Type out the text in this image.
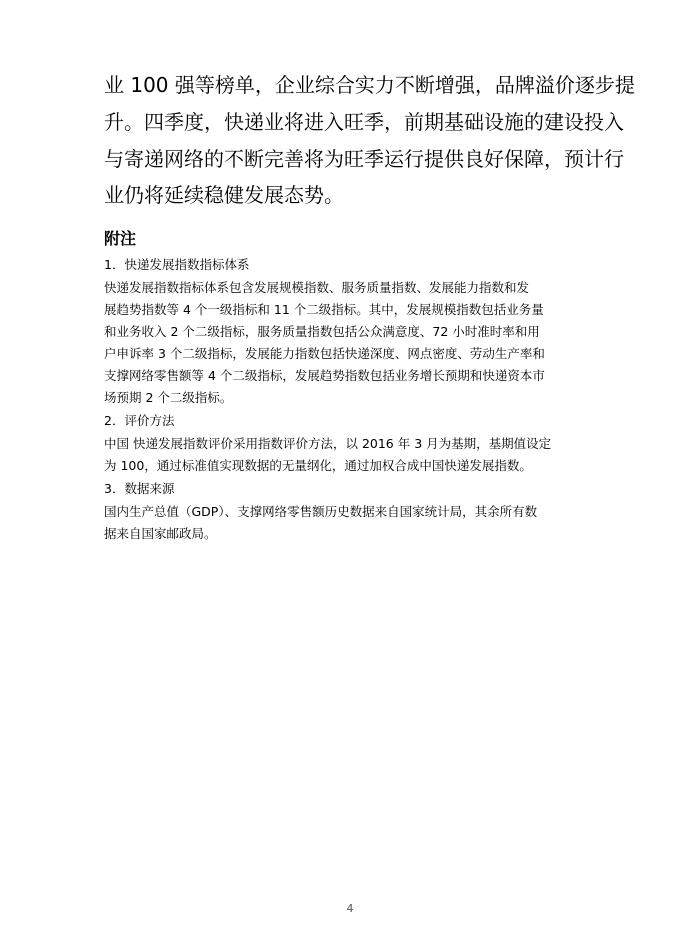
业 100 强等榜单，企业综合实力不断增强，品牌溢价逐步提

升。四季度，快递业将进入旺季，前期基础设施的建设投入

与寄递网络的不断完善将为旺季运行提供良好保障，预计行

业仍将延续稳健发展态势。

附注

1．快递发展指数指标体系

快递发展指数指标体系包含发展规模指数、服务质量指数、发展能力指数和发

展趋势指数等 4 个一级指标和 11 个二级指标。其中，发展规模指数包括业务量

和业务收入 2 个二级指标，服务质量指数包括公众满意度、72 小时准时率和用

户申诉率 3 个二级指标，发展能力指数包括快递深度、网点密度、劳动生产率和

支撑网络零售额等 4 个二级指标，发展趋势指数包括业务增长预期和快递资本市

场预期 2 个二级指标。

2．评价方法

中国 快递发展指数评价采用指数评价方法，以 2016 年 3 月为基期，基期值设定

为 100，通过标准值实现数据的无量纲化，通过加权合成中国快递发展指数。

3．数据来源

国内生产总值（GDP）、支撑网络零售额历史数据来自国家统计局，其余所有数

据来自国家邮政局。

4
